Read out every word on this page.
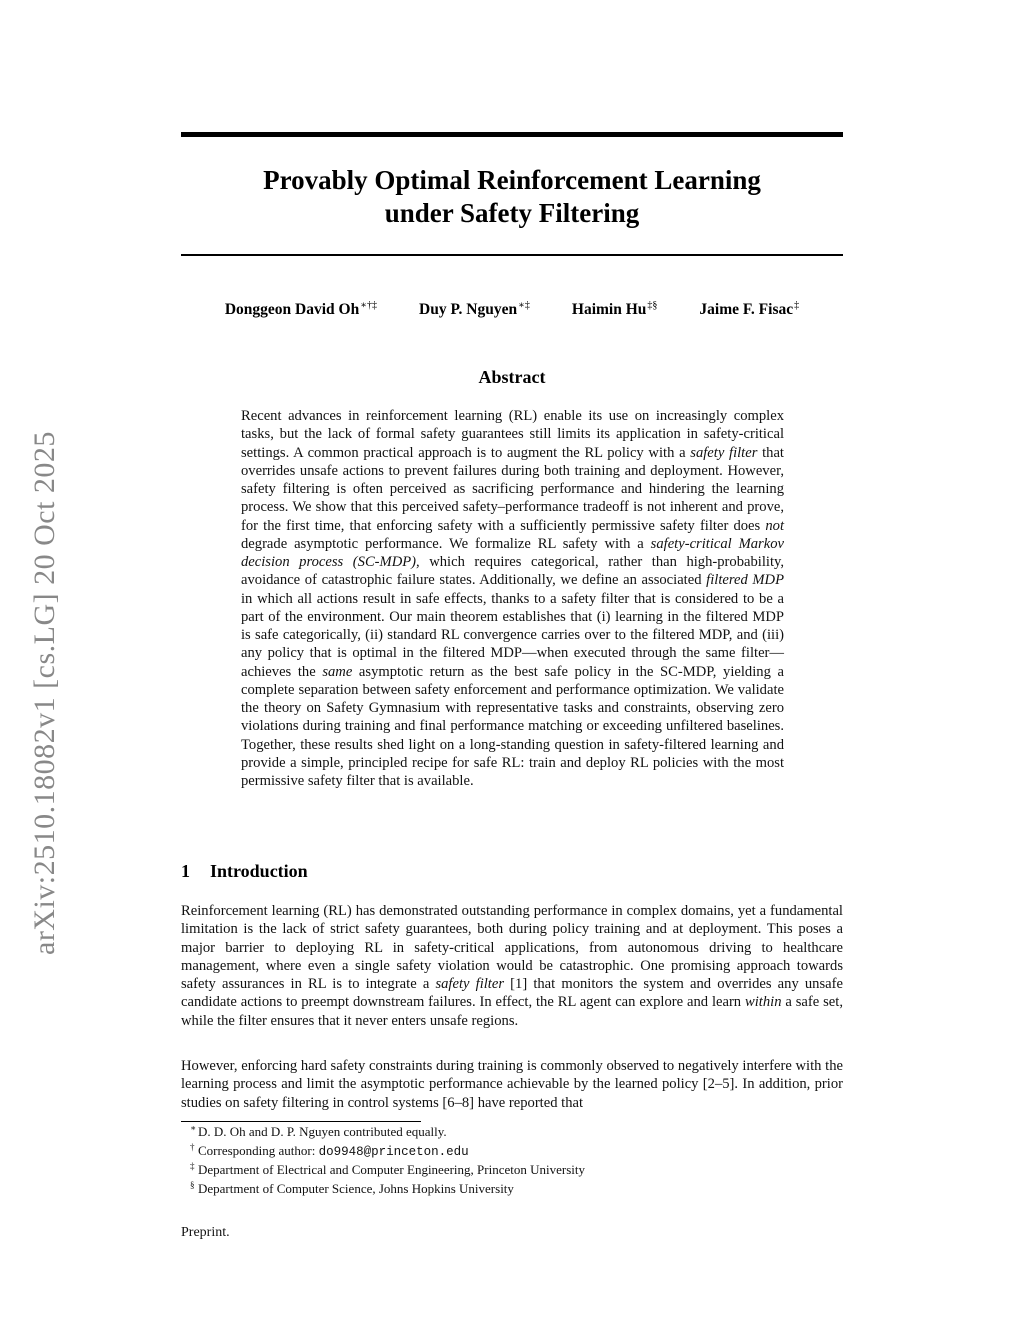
arXiv:2510.18082v1 [cs.LG] 20 Oct 2025
Provably Optimal Reinforcement Learning
under Safety Filtering
Donggeon David Oh∗†‡	Duy P. Nguyen∗‡	Haimin Hu‡§	Jaime F. Fisac‡
Abstract
Recent advances in reinforcement learning (RL) enable its use on increasingly complex tasks, but the lack of formal safety guarantees still limits its application in safety-critical settings. A common practical approach is to augment the RL policy with a safety filter that overrides unsafe actions to prevent failures during both training and deployment. However, safety filtering is often perceived as sacrificing performance and hindering the learning process. We show that this perceived safety–performance tradeoff is not inherent and prove, for the first time, that enforcing safety with a sufficiently permissive safety filter does not degrade asymptotic performance. We formalize RL safety with a safety-critical Markov decision process (SC-MDP), which requires categorical, rather than high-probability, avoidance of catastrophic failure states. Additionally, we define an associated filtered MDP in which all actions result in safe effects, thanks to a safety filter that is considered to be a part of the environment. Our main theorem establishes that (i) learning in the filtered MDP is safe categorically, (ii) standard RL convergence carries over to the filtered MDP, and (iii) any policy that is optimal in the filtered MDP—when executed through the same filter—achieves the same asymptotic return as the best safe policy in the SC-MDP, yielding a complete separation between safety enforcement and performance optimization. We validate the theory on Safety Gymnasium with representative tasks and constraints, observing zero violations during training and final performance matching or exceeding unfiltered baselines. Together, these results shed light on a long-standing question in safety-filtered learning and provide a simple, principled recipe for safe RL: train and deploy RL policies with the most permissive safety filter that is available.
1 Introduction
Reinforcement learning (RL) has demonstrated outstanding performance in complex domains, yet a fundamental limitation is the lack of strict safety guarantees, both during policy training and at deployment. This poses a major barrier to deploying RL in safety-critical applications, from autonomous driving to healthcare management, where even a single safety violation would be catastrophic. One promising approach towards safety assurances in RL is to integrate a safety filter [1] that monitors the system and overrides any unsafe candidate actions to preempt downstream failures. In effect, the RL agent can explore and learn within a safe set, while the filter ensures that it never enters unsafe regions.
However, enforcing hard safety constraints during training is commonly observed to negatively interfere with the learning process and limit the asymptotic performance achievable by the learned policy [2–5]. In addition, prior studies on safety filtering in control systems [6–8] have reported that
∗ D. D. Oh and D. P. Nguyen contributed equally.
† Corresponding author: do9948@princeton.edu
‡ Department of Electrical and Computer Engineering, Princeton University
§ Department of Computer Science, Johns Hopkins University
Preprint.
